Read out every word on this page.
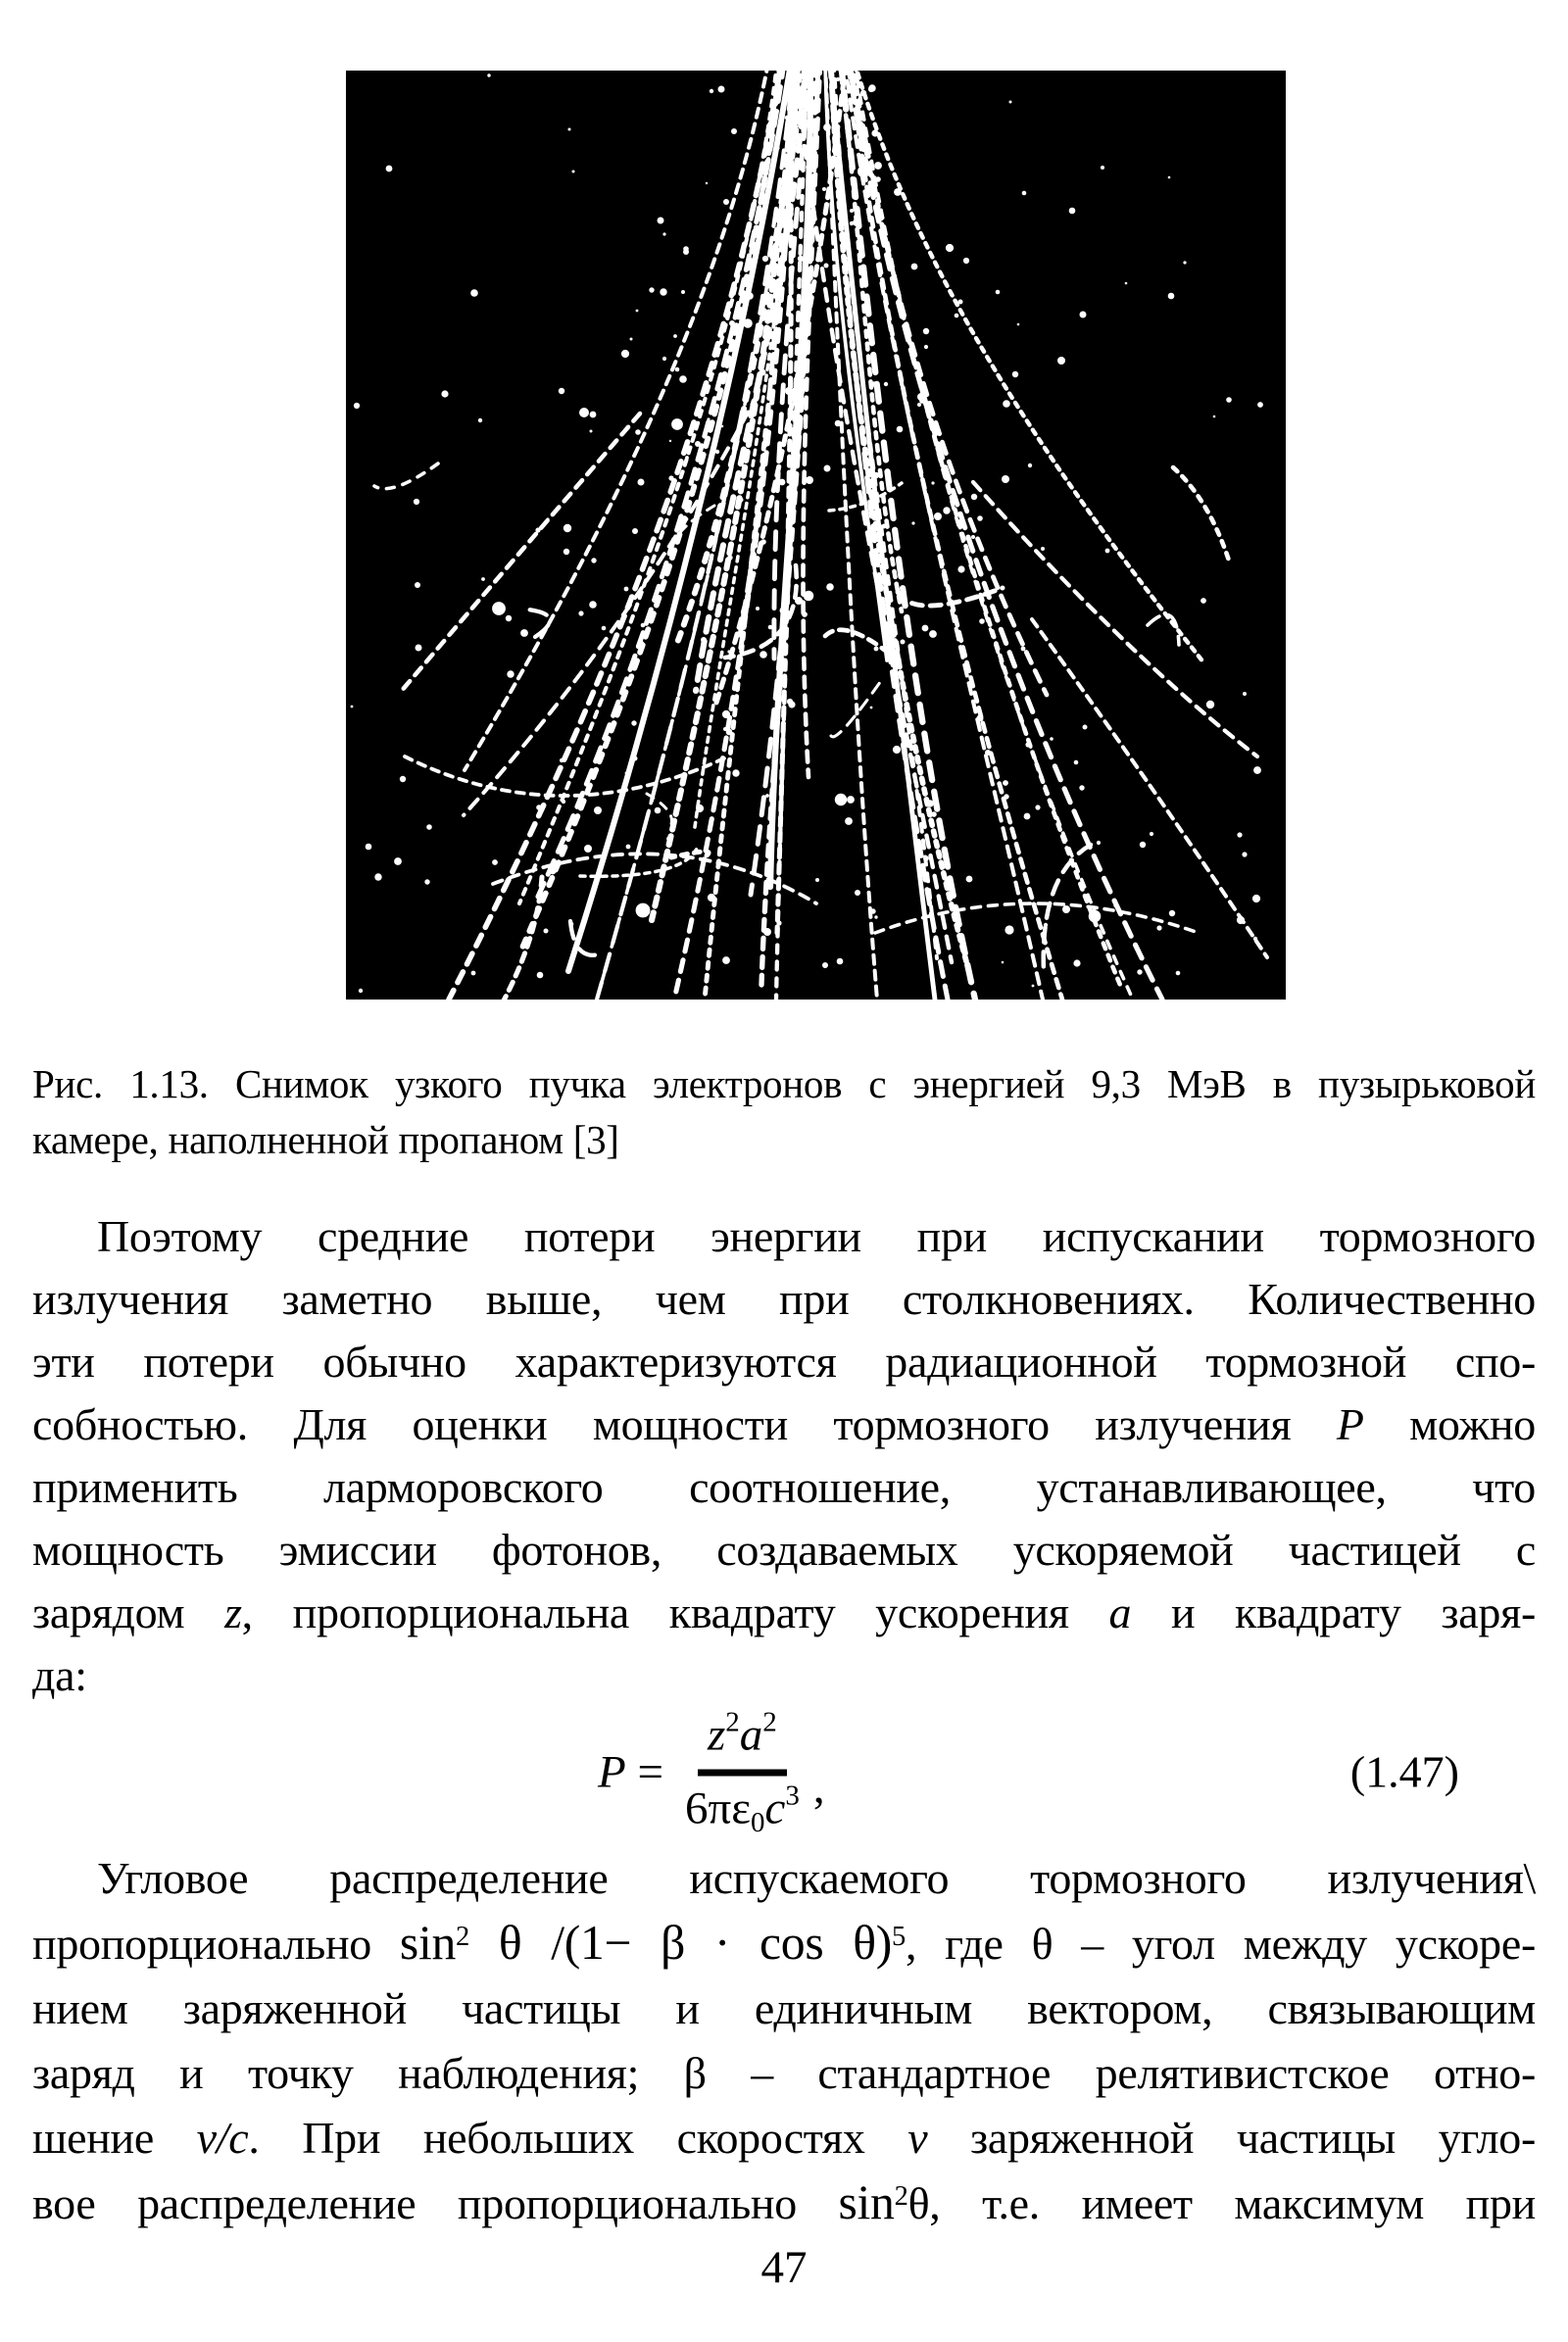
Рис. 1.13. Снимок узкого пучка электронов с энергией 9,3 МэВ в пузырьковой
камере, наполненной пропаном [3]
Поэтому средние потери энергии при испускании тормозного
излучения заметно выше, чем при столкновениях. Количественно
эти потери обычно характеризуются радиационной тормозной спо-
собностью. Для оценки мощности тормозного излучения P можно
применить ларморовского соотношение, устанавливающее, что
мощность эмиссии фотонов, создаваемых ускоряемой частицей с
зарядом z, пропорциональна квадрату ускорения a и квадрату заря-
да:
$P = \frac{z^2a^2}{6\pi\varepsilon_0c^3}$ ,	(1.47)
Угловое распределение испускаемого тормозного излучения\
пропорционально $\sin^2 \theta$ $/(1- \beta \cdot \cos \theta)^5$, где θ – угол между ускоре-
нием заряженной частицы и единичным вектором, связывающим
заряд и точку наблюдения; β – стандартное релятивистское отно-
шение v/c. При небольших скоростях v заряженной частицы угло-
вое распределение пропорционально $\sin^2\theta$, т.е. имеет максимум при
47
